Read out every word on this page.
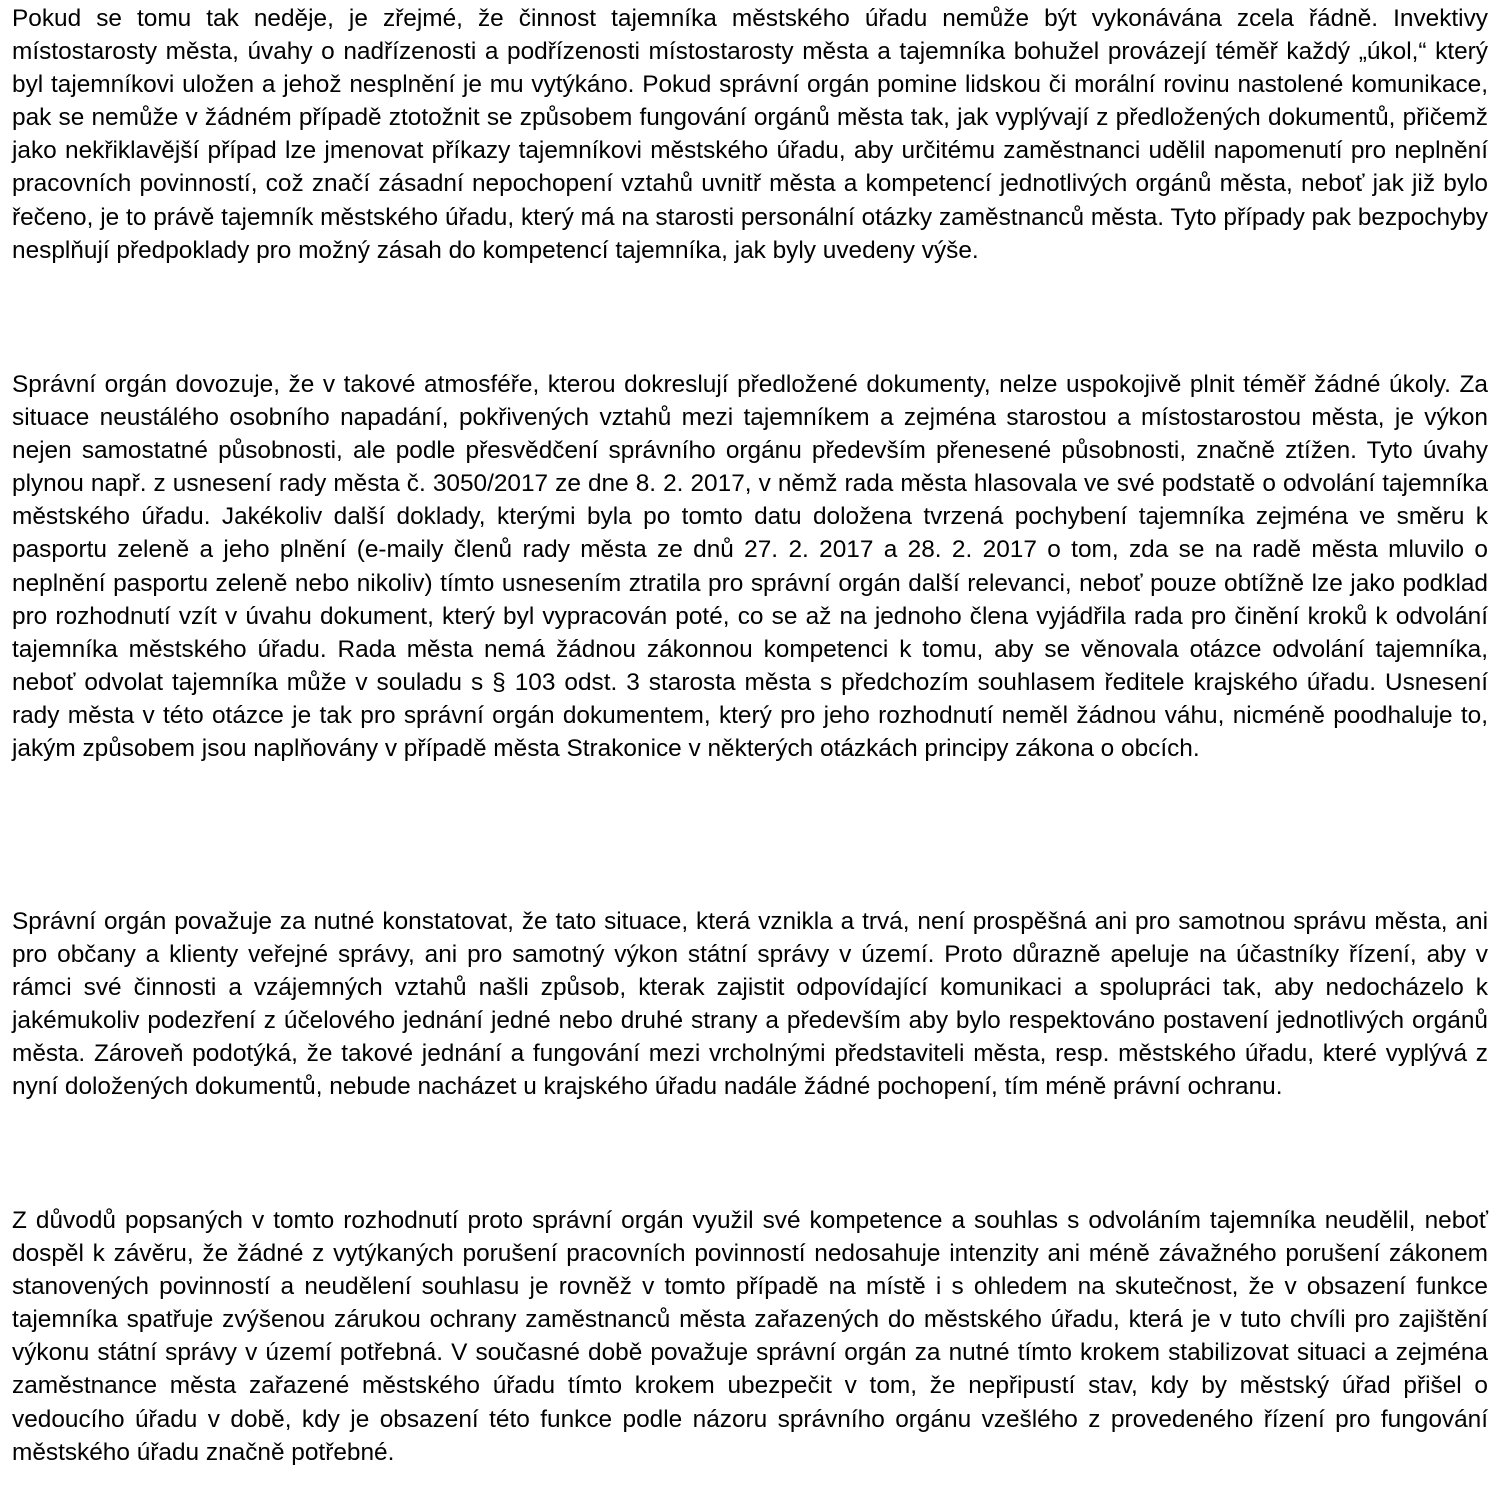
Pokud se tomu tak neděje, je zřejmé, že činnost tajemníka městského úřadu nemůže být vykonávána zcela řádně. Invektivy místostarosty města, úvahy o nadřízenosti a podřízenosti místostarosty města a tajemníka bohužel provázejí téměř každý „úkol,“ který byl tajemníkovi uložen a jehož nesplnění je mu vytýkáno. Pokud správní orgán pomine lidskou či morální rovinu nastolené komunikace, pak se nemůže v žádném případě ztotožnit se způsobem fungování orgánů města tak, jak vyplývají z předložených dokumentů, přičemž jako nekřiklavější případ lze jmenovat příkazy tajemníkovi městského úřadu, aby určitému zaměstnanci udělil napomenutí pro neplnění pracovních povinností, což značí zásadní nepochopení vztahů uvnitř města a kompetencí jednotlivých orgánů města, neboť jak již bylo řečeno, je to právě tajemník městského úřadu, který má na starosti personální otázky zaměstnanců města. Tyto případy pak bezpochyby nesplňují předpoklady pro možný zásah do kompetencí tajemníka, jak byly uvedeny výše.

Správní orgán dovozuje, že v takové atmosféře, kterou dokreslují předložené dokumenty, nelze uspokojivě plnit téměř žádné úkoly. Za situace neustálého osobního napadání, pokřivených vztahů mezi tajemníkem a zejména starostou a místostarostou města, je výkon nejen samostatné působnosti, ale podle přesvědčení správního orgánu především přenesené působnosti, značně ztížen. Tyto úvahy plynou např. z usnesení rady města č. 3050/2017 ze dne 8. 2. 2017, v němž rada města hlasovala ve své podstatě o odvolání tajemníka městského úřadu. Jakékoliv další doklady, kterými byla po tomto datu doložena tvrzená pochybení tajemníka zejména ve směru k pasportu zeleně a jeho plnění (e-maily členů rady města ze dnů 27. 2. 2017 a 28. 2. 2017 o tom, zda se na radě města mluvilo o neplnění pasportu zeleně nebo nikoliv) tímto usnesením ztratila pro správní orgán další relevanci, neboť pouze obtížně lze jako podklad pro rozhodnutí vzít v úvahu dokument, který byl vypracován poté, co se až na jednoho člena vyjádřila rada pro činění kroků k odvolání tajemníka městského úřadu. Rada města nemá žádnou zákonnou kompetenci k tomu, aby se věnovala otázce odvolání tajemníka, neboť odvolat tajemníka může v souladu s § 103 odst. 3 starosta města s předchozím souhlasem ředitele krajského úřadu. Usnesení rady města v této otázce je tak pro správní orgán dokumentem, který pro jeho rozhodnutí neměl žádnou váhu, nicméně poodhaluje to, jakým způsobem jsou naplňovány v případě města Strakonice v některých otázkách principy zákona o obcích.

Správní orgán považuje za nutné konstatovat, že tato situace, která vznikla a trvá, není prospěšná ani pro samotnou správu města, ani pro občany a klienty veřejné správy, ani pro samotný výkon státní správy v území. Proto důrazně apeluje na účastníky řízení, aby v rámci své činnosti a vzájemných vztahů našli způsob, kterak zajistit odpovídající komunikaci a spolupráci tak, aby nedocházelo k jakémukoliv podezření z účelového jednání jedné nebo druhé strany a především aby bylo respektováno postavení jednotlivých orgánů města. Zároveň podotýká, že takové jednání a fungování mezi vrcholnými představiteli města, resp. městského úřadu, které vyplývá z nyní doložených dokumentů, nebude nacházet u krajského úřadu nadále žádné pochopení, tím méně právní ochranu.

Z důvodů popsaných v tomto rozhodnutí proto správní orgán využil své kompetence a souhlas s odvoláním tajemníka neudělil, neboť dospěl k závěru, že žádné z vytýkaných porušení pracovních povinností nedosahuje intenzity ani méně závažného porušení zákonem stanovených povinností a neudělení souhlasu je rovněž v tomto případě na místě i s ohledem na skutečnost, že v obsazení funkce tajemníka spatřuje zvýšenou zárukou ochrany zaměstnanců města zařazených do městského úřadu, která je v tuto chvíli pro zajištění výkonu státní správy v území potřebná. V současné době považuje správní orgán za nutné tímto krokem stabilizovat situaci a zejména zaměstnance města zařazené městského úřadu tímto krokem ubezpečit v tom, že nepřipustí stav, kdy by městský úřad přišel o vedoucího úřadu v době, kdy je obsazení této funkce podle názoru správního orgánu vzešlého z provedeného řízení pro fungování městského úřadu značně potřebné.
